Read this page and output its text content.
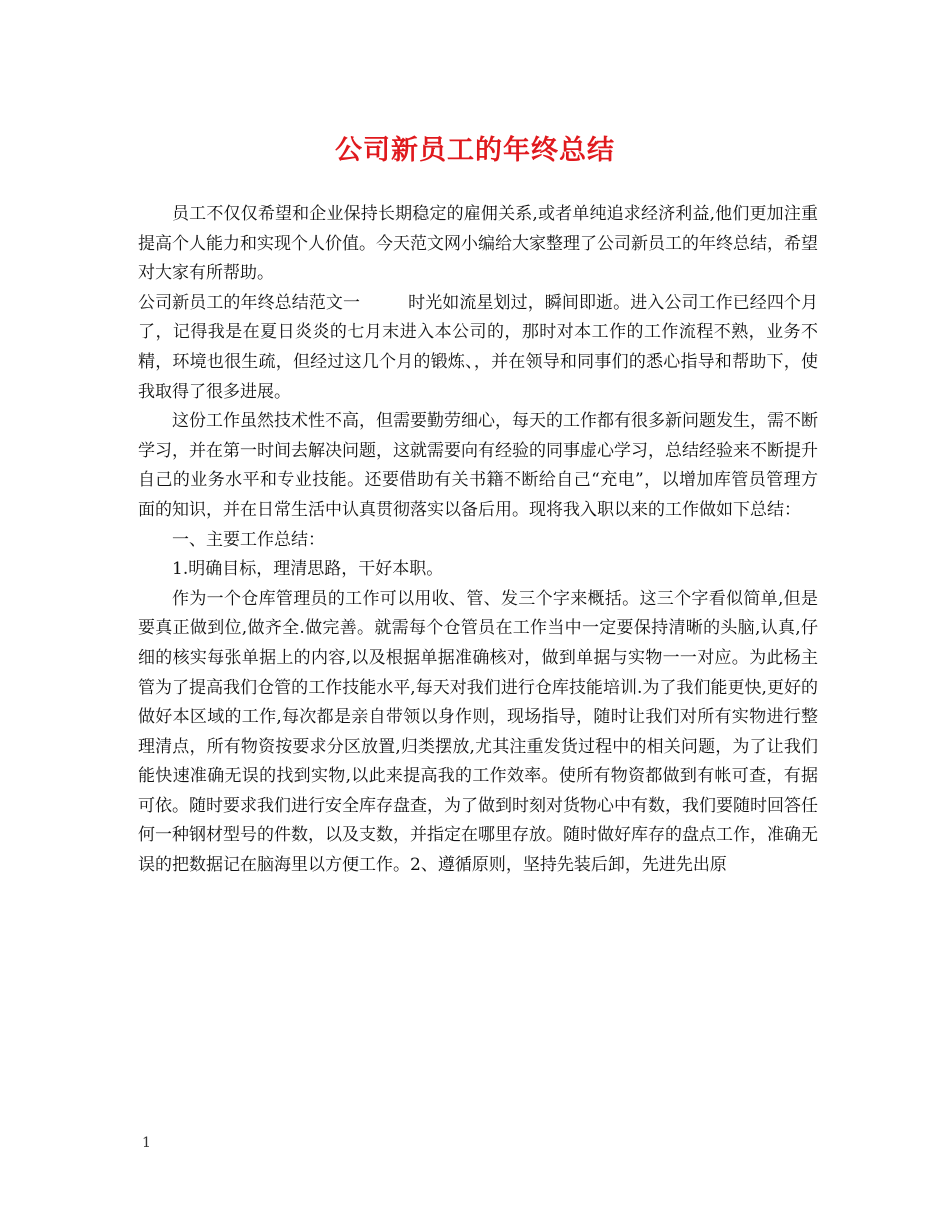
公司新员工的年终总结

员工不仅仅希望和企业保持长期稳定的雇佣关系,或者单纯追求经济利益,他们更加注重提高个人能力和实现个人价值。今天范文网小编给大家整理了公司新员工的年终总结，希望对大家有所帮助。

公司新员工的年终总结范文一	时光如流星划过，瞬间即逝。进入公司工作已经四个月了，记得我是在夏日炎炎的七月末进入本公司的，那时对本工作的工作流程不熟，业务不精，环境也很生疏，但经过这几个月的锻炼、，并在领导和同事们的悉心指导和帮助下，使我取得了很多进展。

这份工作虽然技术性不高，但需要勤劳细心，每天的工作都有很多新问题发生，需不断学习，并在第一时间去解决问题，这就需要向有经验的同事虚心学习，总结经验来不断提升自己的业务水平和专业技能。还要借助有关书籍不断给自己“充电”，以增加库管员管理方面的知识，并在日常生活中认真贯彻落实以备后用。现将我入职以来的工作做如下总结：

一、主要工作总结：

1.明确目标，理清思路，干好本职。

作为一个仓库管理员的工作可以用收、管、发三个字来概括。这三个字看似简单,但是要真正做到位,做齐全.做完善。就需每个仓管员在工作当中一定要保持清晰的头脑,认真,仔细的核实每张单据上的内容,以及根据单据准确核对，做到单据与实物一一对应。为此杨主管为了提高我们仓管的工作技能水平,每天对我们进行仓库技能培训.为了我们能更快,更好的做好本区域的工作,每次都是亲自带领以身作则，现场指导，随时让我们对所有实物进行整理清点，所有物资按要求分区放置,归类摆放,尤其注重发货过程中的相关问题，为了让我们能快速准确无误的找到实物,以此来提高我的工作效率。使所有物资都做到有帐可查，有据可依。随时要求我们进行安全库存盘查，为了做到时刻对货物心中有数，我们要随时回答任何一种钢材型号的件数，以及支数，并指定在哪里存放。随时做好库存的盘点工作，准确无误的把数据记在脑海里以方便工作。2、遵循原则，坚持先装后卸，先进先出原

1
